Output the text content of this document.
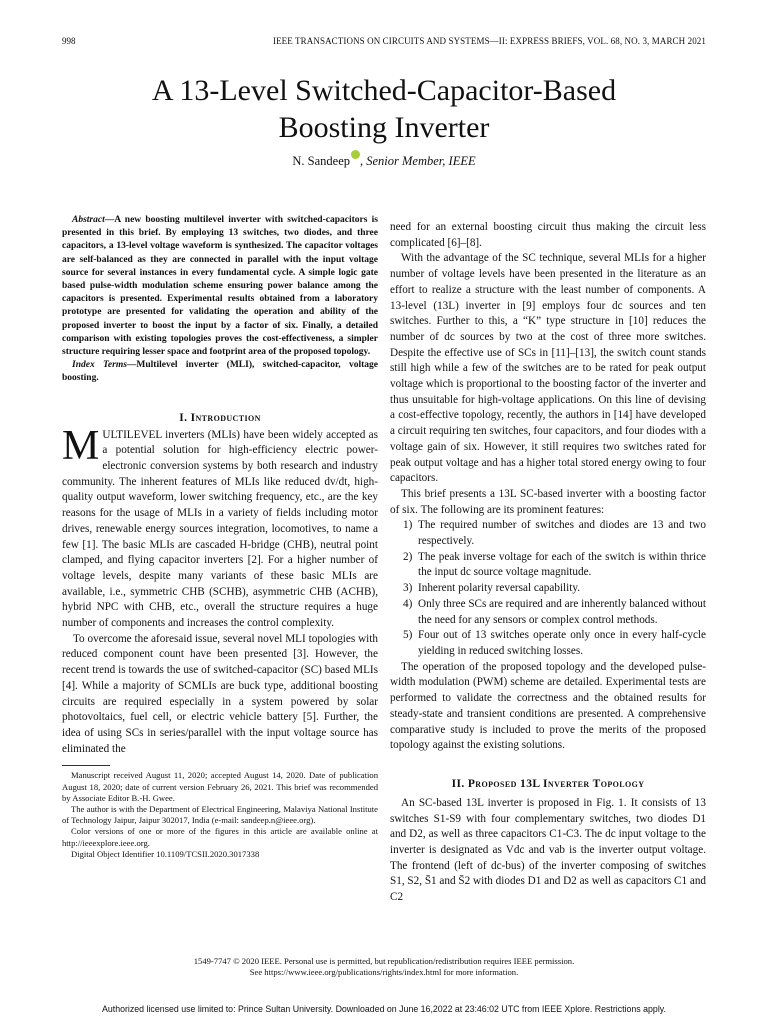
998	IEEE TRANSACTIONS ON CIRCUITS AND SYSTEMS—II: EXPRESS BRIEFS, VOL. 68, NO. 3, MARCH 2021
A 13-Level Switched-Capacitor-Based
Boosting Inverter
N. Sandeep , Senior Member, IEEE

Abstract—A new boosting multilevel inverter with switched-capacitors is presented in this brief. By employing 13 switches, two diodes, and three capacitors, a 13-level voltage waveform is synthesized. The capacitor voltages are self-balanced as they are connected in parallel with the input voltage source for several instances in every fundamental cycle. A simple logic gate based pulse-width modulation scheme ensuring power balance among the capacitors is presented. Experimental results obtained from a laboratory prototype are presented for validating the operation and ability of the proposed inverter to boost the input by a factor of six. Finally, a detailed comparison with existing topologies proves the cost-effectiveness, a simpler structure requiring lesser space and footprint area of the proposed topology.

Index Terms—Multilevel inverter (MLI), switched-capacitor, voltage boosting.

I. Introduction

MULTILEVEL inverters (MLIs) have been widely accepted as a potential solution for high-efficiency electric power-electronic conversion systems by both research and industry community. The inherent features of MLIs like reduced dv/dt, high-quality output waveform, lower switching frequency, etc., are the key reasons for the usage of MLIs in a variety of fields including motor drives, renewable energy sources integration, locomotives, to name a few [1]. The basic MLIs are cascaded H-bridge (CHB), neutral point clamped, and flying capacitor inverters [2]. For a higher number of voltage levels, despite many variants of these basic MLIs are available, i.e., symmetric CHB (SCHB), asymmetric CHB (ACHB), hybrid NPC with CHB, etc., overall the structure requires a huge number of components and increases the control complexity.

To overcome the aforesaid issue, several novel MLI topologies with reduced component count have been presented [3]. However, the recent trend is towards the use of switched-capacitor (SC) based MLIs [4]. While a majority of SCMLIs are buck type, additional boosting circuits are required especially in a system powered by solar photovoltaics, fuel cell, or electric vehicle battery [5]. Further, the idea of using SCs in series/parallel with the input voltage source has eliminated the

Manuscript received August 11, 2020; accepted August 14, 2020. Date of publication August 18, 2020; date of current version February 26, 2021. This brief was recommended by Associate Editor B.-H. Gwee.

The author is with the Department of Electrical Engineering, Malaviya National Institute of Technology Jaipur, Jaipur 302017, India (e-mail: sandeep.n@ieee.org).

Color versions of one or more of the figures in this article are available online at http://ieeexplore.ieee.org.

Digital Object Identifier 10.1109/TCSII.2020.3017338

need for an external boosting circuit thus making the circuit less complicated [6]–[8].

With the advantage of the SC technique, several MLIs for a higher number of voltage levels have been presented in the literature as an effort to realize a structure with the least number of components. A 13-level (13L) inverter in [9] employs four dc sources and ten switches. Further to this, a “K” type structure in [10] reduces the number of dc sources by two at the cost of three more switches. Despite the effective use of SCs in [11]–[13], the switch count stands still high while a few of the switches are to be rated for peak output voltage which is proportional to the boosting factor of the inverter and thus unsuitable for high-voltage applications. On this line of devising a cost-effective topology, recently, the authors in [14] have developed a circuit requiring ten switches, four capacitors, and four diodes with a voltage gain of six. However, it still requires two switches rated for peak output voltage and has a higher total stored energy owing to four capacitors.

This brief presents a 13L SC-based inverter with a boosting factor of six. The following are its prominent features:

1) The required number of switches and diodes are 13 and two respectively.
2) The peak inverse voltage for each of the switch is within thrice the input dc source voltage magnitude.
3) Inherent polarity reversal capability.
4) Only three SCs are required and are inherently balanced without the need for any sensors or complex control methods.
5) Four out of 13 switches operate only once in every half-cycle yielding in reduced switching losses.

The operation of the proposed topology and the developed pulse-width modulation (PWM) scheme are detailed. Experimental tests are performed to validate the correctness and the obtained results for steady-state and transient conditions are presented. A comprehensive comparative study is included to prove the merits of the proposed topology against the existing solutions.

II. Proposed 13L Inverter Topology

An SC-based 13L inverter is proposed in Fig. 1. It consists of 13 switches S1-S9 with four complementary switches, two diodes D1 and D2, as well as three capacitors C1-C3. The dc input voltage to the inverter is designated as Vdc and vab is the inverter output voltage. The frontend (left of dc-bus) of the inverter composing of switches S1, S2, S̄1 and S̄2 with diodes D1 and D2 as well as capacitors C1 and C2

1549-7747 © 2020 IEEE. Personal use is permitted, but republication/redistribution requires IEEE permission.
See https://www.ieee.org/publications/rights/index.html for more information.
Authorized licensed use limited to: Prince Sultan University. Downloaded on June 16,2022 at 23:46:02 UTC from IEEE Xplore. Restrictions apply.
